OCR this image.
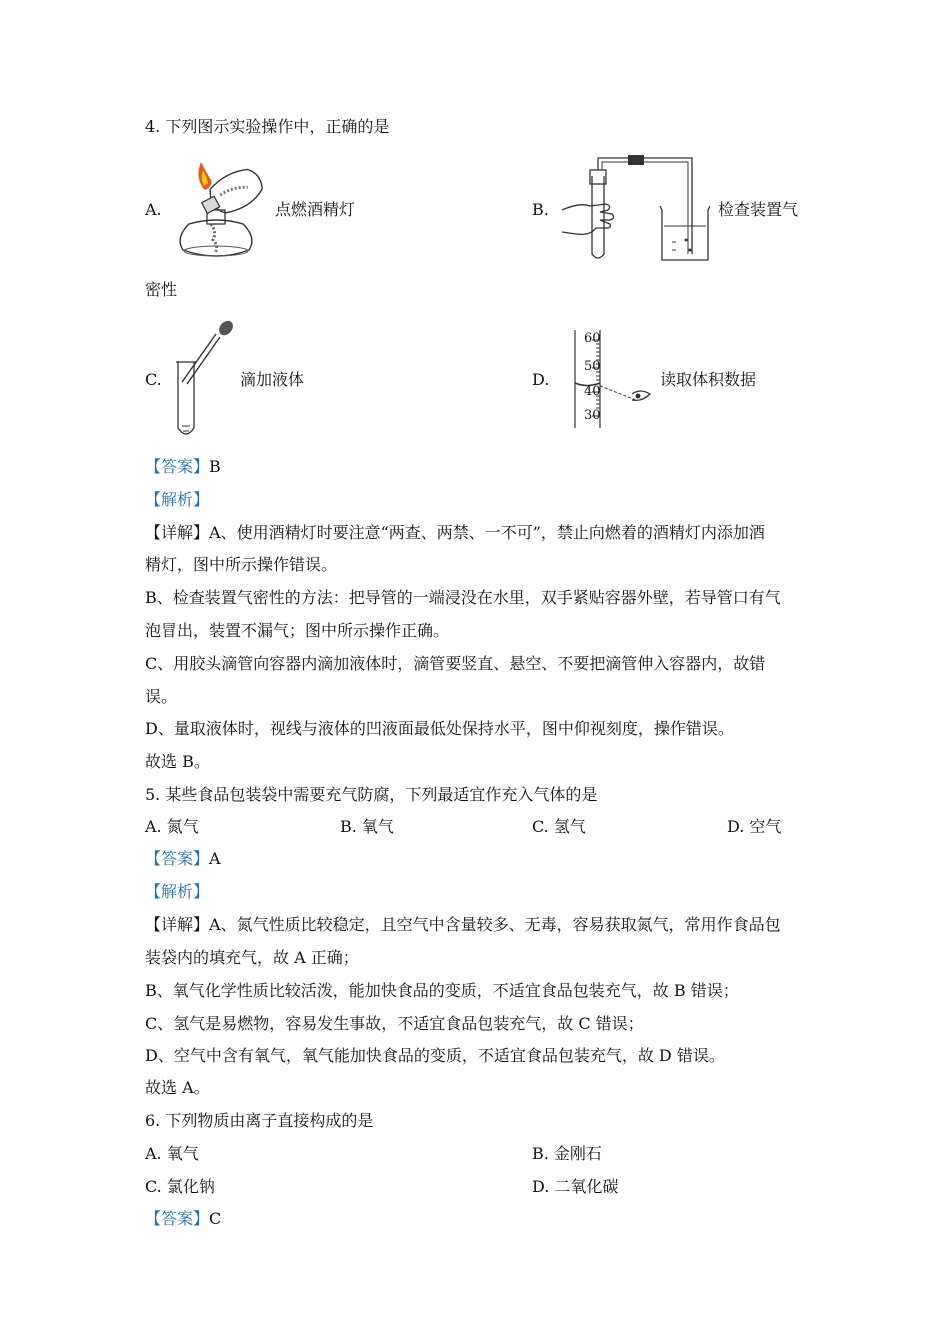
4. 下列图示实验操作中，正确的是
A.	点燃酒精灯	B.	检查装置气
密性
C.	滴加液体	D.
60
50
40
30
读取体积数据
【答案】B
【解析】
【详解】A、使用酒精灯时要注意“两查、两禁、一不可”，禁止向燃着的酒精灯内添加酒
精灯，图中所示操作错误。
B、检查装置气密性的方法：把导管的一端浸没在水里，双手紧贴容器外壁，若导管口有气
泡冒出，装置不漏气；图中所示操作正确。
C、用胶头滴管向容器内滴加液体时，滴管要竖直、悬空、不要把滴管伸入容器内，故错
误。
D、量取液体时，视线与液体的凹液面最低处保持水平，图中仰视刻度，操作错误。
故选 B。
5. 某些食品包装袋中需要充气防腐，下列最适宜作充入气体的是
A. 氮气	B. 氧气	C. 氢气	D. 空气
【答案】A
【解析】
【详解】A、氮气性质比较稳定，且空气中含量较多、无毒，容易获取氮气，常用作食品包
装袋内的填充气，故 A 正确；
B、氧气化学性质比较活泼，能加快食品的变质，不适宜食品包装充气，故 B 错误；
C、氢气是易燃物，容易发生事故，不适宜食品包装充气，故 C 错误；
D、空气中含有氧气，氧气能加快食品的变质，不适宜食品包装充气，故 D 错误。
故选 A。
6. 下列物质由离子直接构成的是
A. 氧气	B. 金刚石
C. 氯化钠	D. 二氧化碳
【答案】C
